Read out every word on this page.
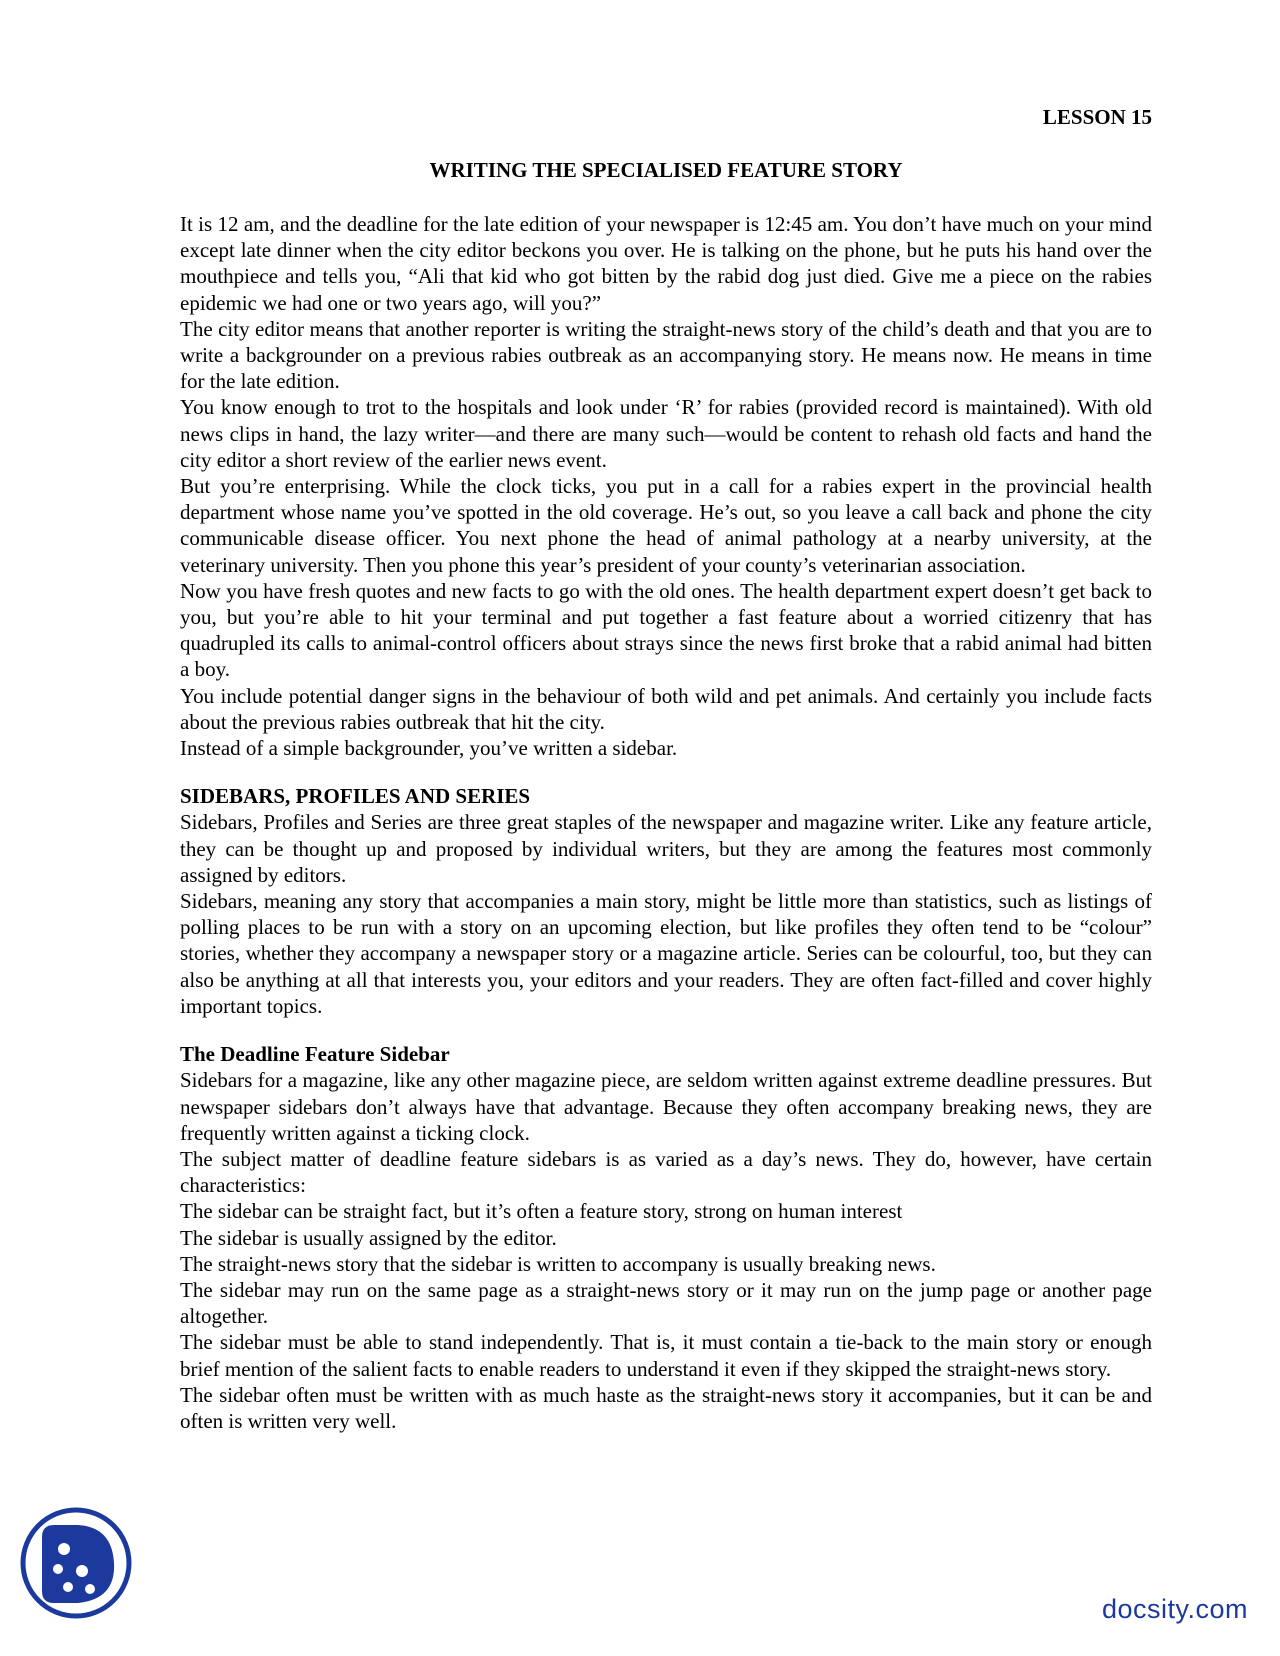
LESSON 15
WRITING THE SPECIALISED FEATURE STORY

It is 12 am, and the deadline for the late edition of your newspaper is 12:45 am. You don’t have much on your mind except late dinner when the city editor beckons you over. He is talking on the phone, but he puts his hand over the mouthpiece and tells you, “Ali that kid who got bitten by the rabid dog just died. Give me a piece on the rabies epidemic we had one or two years ago, will you?”

The city editor means that another reporter is writing the straight-news story of the child’s death and that you are to write a backgrounder on a previous rabies outbreak as an accompanying story. He means now. He means in time for the late edition.

You know enough to trot to the hospitals and look under ‘R’ for rabies (provided record is maintained). With old news clips in hand, the lazy writer—and there are many such—would be content to rehash old facts and hand the city editor a short review of the earlier news event.

But you’re enterprising. While the clock ticks, you put in a call for a rabies expert in the provincial health department whose name you’ve spotted in the old coverage. He’s out, so you leave a call back and phone the city communicable disease officer. You next phone the head of animal pathology at a nearby university, at the veterinary university. Then you phone this year’s president of your county’s veterinarian association.

Now you have fresh quotes and new facts to go with the old ones. The health department expert doesn’t get back to you, but you’re able to hit your terminal and put together a fast feature about a worried citizenry that has quadrupled its calls to animal-control officers about strays since the news first broke that a rabid animal had bitten a boy.

You include potential danger signs in the behaviour of both wild and pet animals. And certainly you include facts about the previous rabies outbreak that hit the city.

Instead of a simple backgrounder, you’ve written a sidebar.

SIDEBARS, PROFILES AND SERIES

Sidebars, Profiles and Series are three great staples of the newspaper and magazine writer. Like any feature article, they can be thought up and proposed by individual writers, but they are among the features most commonly assigned by editors.

Sidebars, meaning any story that accompanies a main story, might be little more than statistics, such as listings of polling places to be run with a story on an upcoming election, but like profiles they often tend to be “colour” stories, whether they accompany a newspaper story or a magazine article. Series can be colourful, too, but they can also be anything at all that interests you, your editors and your readers. They are often fact-filled and cover highly important topics.

The Deadline Feature Sidebar

Sidebars for a magazine, like any other magazine piece, are seldom written against extreme deadline pressures. But newspaper sidebars don’t always have that advantage. Because they often accompany breaking news, they are frequently written against a ticking clock.

The subject matter of deadline feature sidebars is as varied as a day’s news. They do, however, have certain characteristics:

The sidebar can be straight fact, but it’s often a feature story, strong on human interest

The sidebar is usually assigned by the editor.

The straight-news story that the sidebar is written to accompany is usually breaking news.

The sidebar may run on the same page as a straight-news story or it may run on the jump page or another page altogether.

The sidebar must be able to stand independently. That is, it must contain a tie-back to the main story or enough brief mention of the salient facts to enable readers to understand it even if they skipped the straight-news story.

The sidebar often must be written with as much haste as the straight-news story it accompanies, but it can be and often is written very well.

docsity.com
